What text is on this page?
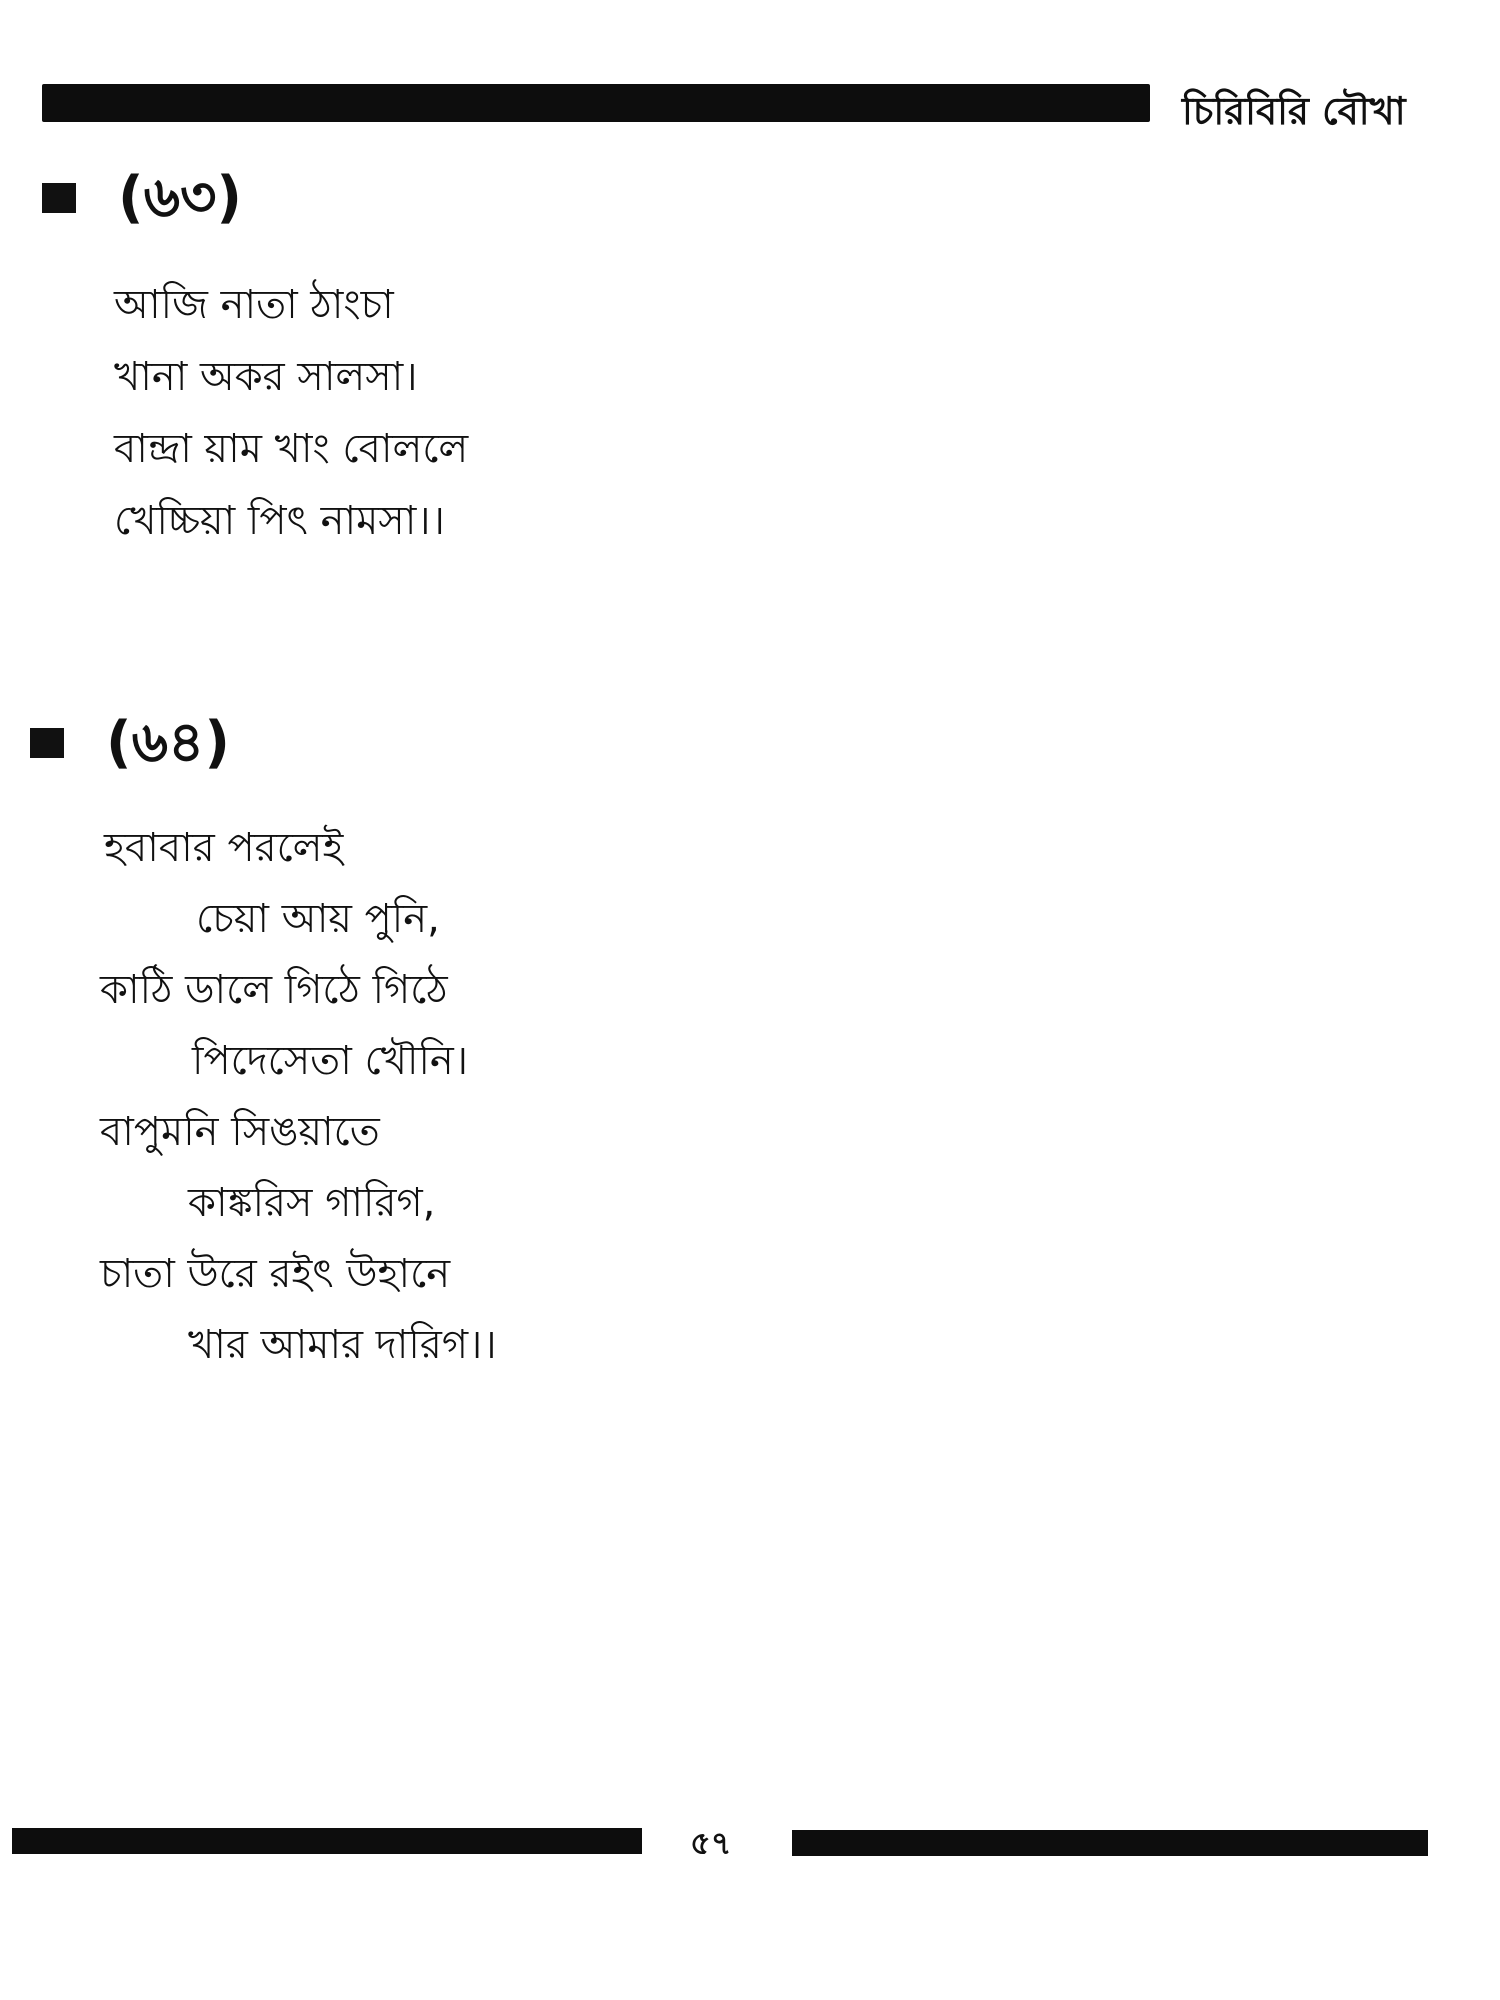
চিরিবিরি বৌখা
(৬৩)
আজি নাতা ঠাংচা
খানা অকর সালসা।
বান্দ্রা য়াম খাং বোললে
খেচ্চিয়া পিৎ নামসা।।
(৬৪)
হবাবার পরলেই
চেয়া আয় পুনি,
কাঠি ডালে গিঠে গিঠে
পিদেসেতা খৌনি।
বাপুমনি সিঙয়াতে
কাঙ্করিস গারিগ,
চাতা উরে রইৎ উহানে
খার আমার দারিগ।।
৫৭
